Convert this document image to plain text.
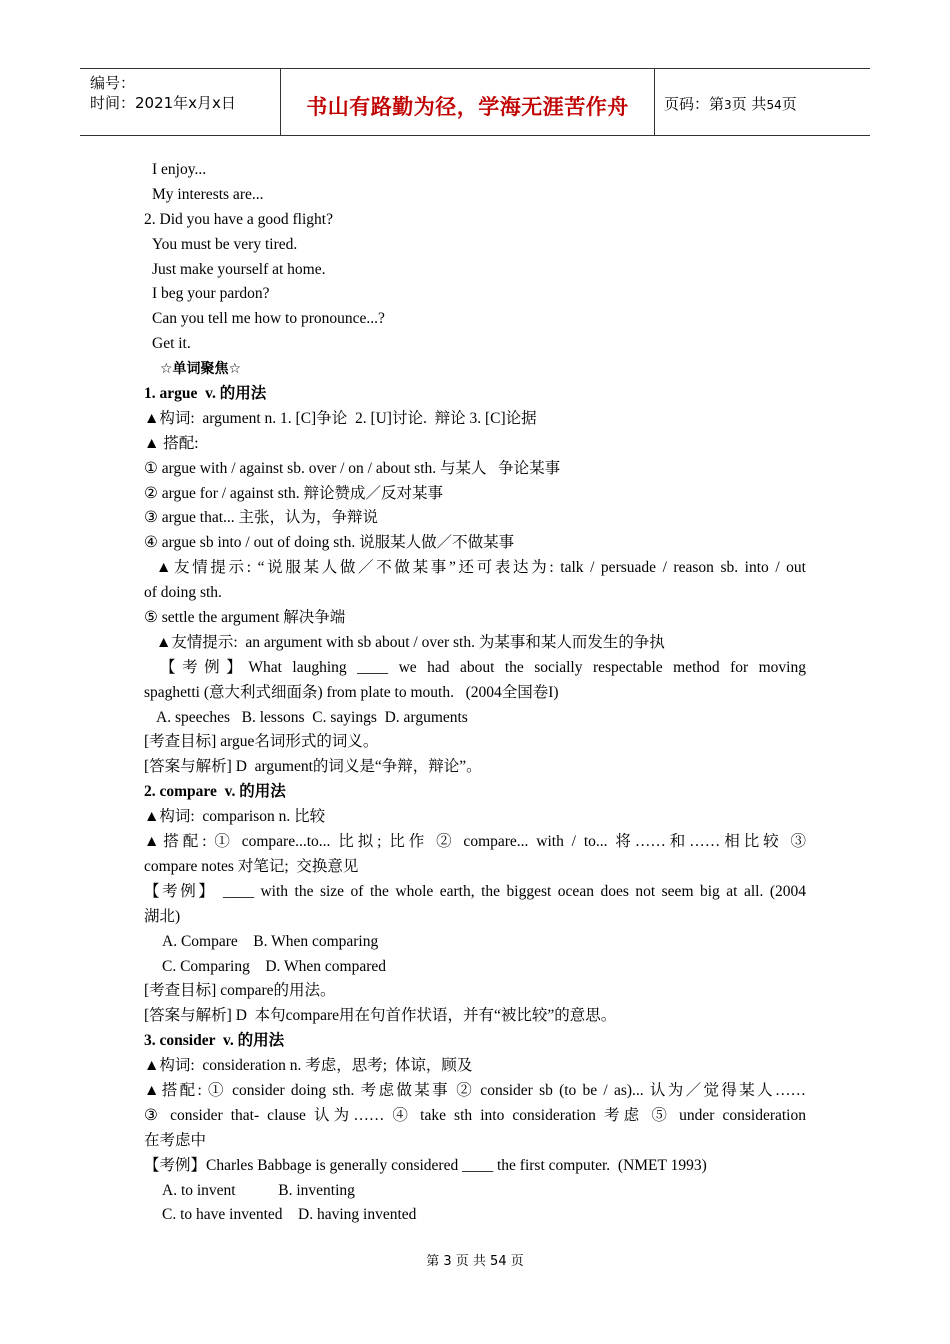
编号：
时间：2021年x月x日	书山有路勤为径，学海无涯苦作舟	页码：第3页 共54页
I enjoy...
My interests are...
2. Did you have a good flight?
You must be very tired.
Just make yourself at home.
I beg your pardon?
Can you tell me how to pronounce...?
Get it.
☆单词聚焦☆
1. argue  v. 的用法
▲构词:  argument n. 1. [C]争论  2. [U]讨论.  辩论 3. [C]论据
▲ 搭配:
① argue with / against sb. over / on / about sth. 与某人   争论某事
② argue for / against sth. 辩论赞成／反对某事
③ argue that... 主张，认为，争辩说
④ argue sb into / out of doing sth. 说服某人做／不做某事
▲友情提示: “说服某人做／不做某事”还可表达为: talk / persuade / reason sb. into / out
of doing sth.
⑤ settle the argument 解决争端
▲友情提示:  an argument with sb about / over sth. 为某事和某人而发生的争执
【考例】What laughing ____ we had about the socially respectable method for moving
spaghetti (意大利式细面条) from plate to mouth.   (2004全国卷I)
A. speeches   B. lessons  C. sayings  D. arguments
[考查目标] argue名词形式的词义。
[答案与解析] D  argument的词义是“争辩，辩论”。
2. compare  v. 的用法
▲构词:  comparison n. 比较
▲搭配: ① compare...to... 比拟; 比作 ② compare... with / to... 将……和……相比较 ③
compare notes 对笔记;  交换意见
【考例】 ____ with the size of the whole earth, the biggest ocean does not seem big at all. (2004
湖北)
A. Compare    B. When comparing
C. Comparing    D. When compared
[考查目标] compare的用法。
[答案与解析] D  本句compare用在句首作状语，并有“被比较”的意思。
3. consider  v. 的用法
▲构词:  consideration n. 考虑，思考;  体谅，顾及
▲搭配: ① consider doing sth. 考虑做某事 ② consider sb (to be / as)... 认为／觉得某人……
③ consider that- clause 认为…… ④ take sth into consideration 考虑 ⑤ under consideration
在考虑中
【考例】Charles Babbage is generally considered ____ the first computer.  (NMET 1993)
A. to invent           B. inventing
C. to have invented    D. having invented
第 3 页 共 54 页
